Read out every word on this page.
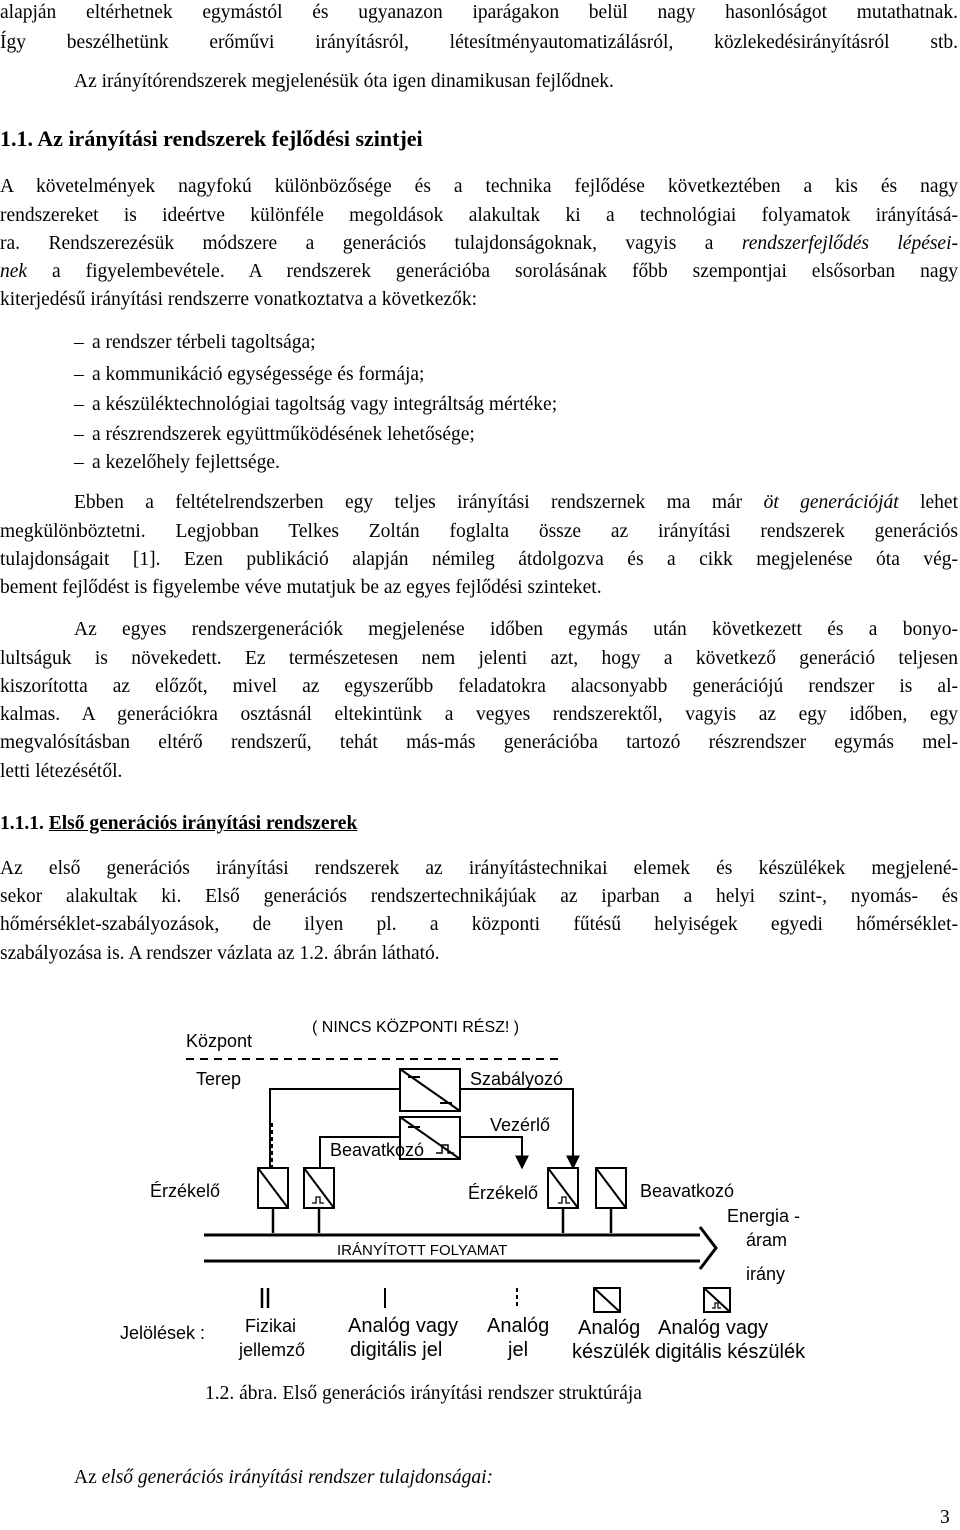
alapján eltérhetnek egymástól és ugyanazon iparágakon belül nagy hasonlóságot mutathatnak.
Így beszélhetünk erőművi irányításról, létesítményautomatizálásról, közlekedésirányításról stb.
Az irányítórendszerek megjelenésük óta igen dinamikusan fejlődnek.
1.1. Az irányítási rendszerek fejlődési szintjei
A követelmények nagyfokú különbözősége és a technika fejlődése következtében a kis és nagy
rendszereket is ideértve különféle megoldások alakultak ki a technológiai folyamatok irányításá-
ra. Rendszerezésük módszere a generációs tulajdonságoknak, vagyis a rendszerfejlődés lépései-
nek a figyelembevétele. A rendszerek generációba sorolásának főbb szempontjai elsősorban nagy
kiterjedésű irányítási rendszerre vonatkoztatva a következők:
– a rendszer térbeli tagoltsága;
– a kommunikáció egységessége és formája;
– a készüléktechnológiai tagoltság vagy integráltság mértéke;
– a részrendszerek együttműködésének lehetősége;
– a kezelőhely fejlettsége.
Ebben a feltételrendszerben egy teljes irányítási rendszernek ma már öt generációját lehet
megkülönböztetni. Legjobban Telkes Zoltán foglalta össze az irányítási rendszerek generációs
tulajdonságait [1]. Ezen publikáció alapján némileg átdolgozva és a cikk megjelenése óta vég-
bement fejlődést is figyelembe véve mutatjuk be az egyes fejlődési szinteket.
Az egyes rendszergenerációk megjelenése időben egymás után következett és a bonyo-
lultságuk is növekedett. Ez természetesen nem jelenti azt, hogy a következő generáció teljesen
kiszorította az előzőt, mivel az egyszerűbb feladatokra alacsonyabb generációjú rendszer is al-
kalmas. A generációkra osztásnál eltekintünk a vegyes rendszerektől, vagyis az egy időben, egy
megvalósításban eltérő rendszerű, tehát más-más generációba tartozó részrendszer egymás mel-
letti létezésétől.
1.1.1. Első generációs irányítási rendszerek
Az első generációs irányítási rendszerek az irányítástechnikai elemek és készülékek megjelené-
sekor alakultak ki. Első generációs rendszertechnikájúak az iparban a helyi szint-, nyomás- és
hőmérséklet-szabályozások, de ilyen pl. a központi fűtésű helyiségek egyedi hőmérséklet-
szabályozása is. A rendszer vázlata az 1.2. ábrán látható.
Központ
( NINCS KÖZPONTI RÉSZ! )
Terep	Szabályozó
Vezérlő
Beavatkozó
Érzékelő	Érzékelő	Beavatkozó
IRÁNYÍTOTT FOLYAMAT
Energia -
áram
irány
Jelölések : Fizikai
jellemző
Analóg vagy
digitális jel
Analóg
jel
Analóg
készülék
Analóg vagy
digitális készülék
1.2. ábra. Első generációs irányítási rendszer struktúrája
Az első generációs irányítási rendszer tulajdonságai:
3
